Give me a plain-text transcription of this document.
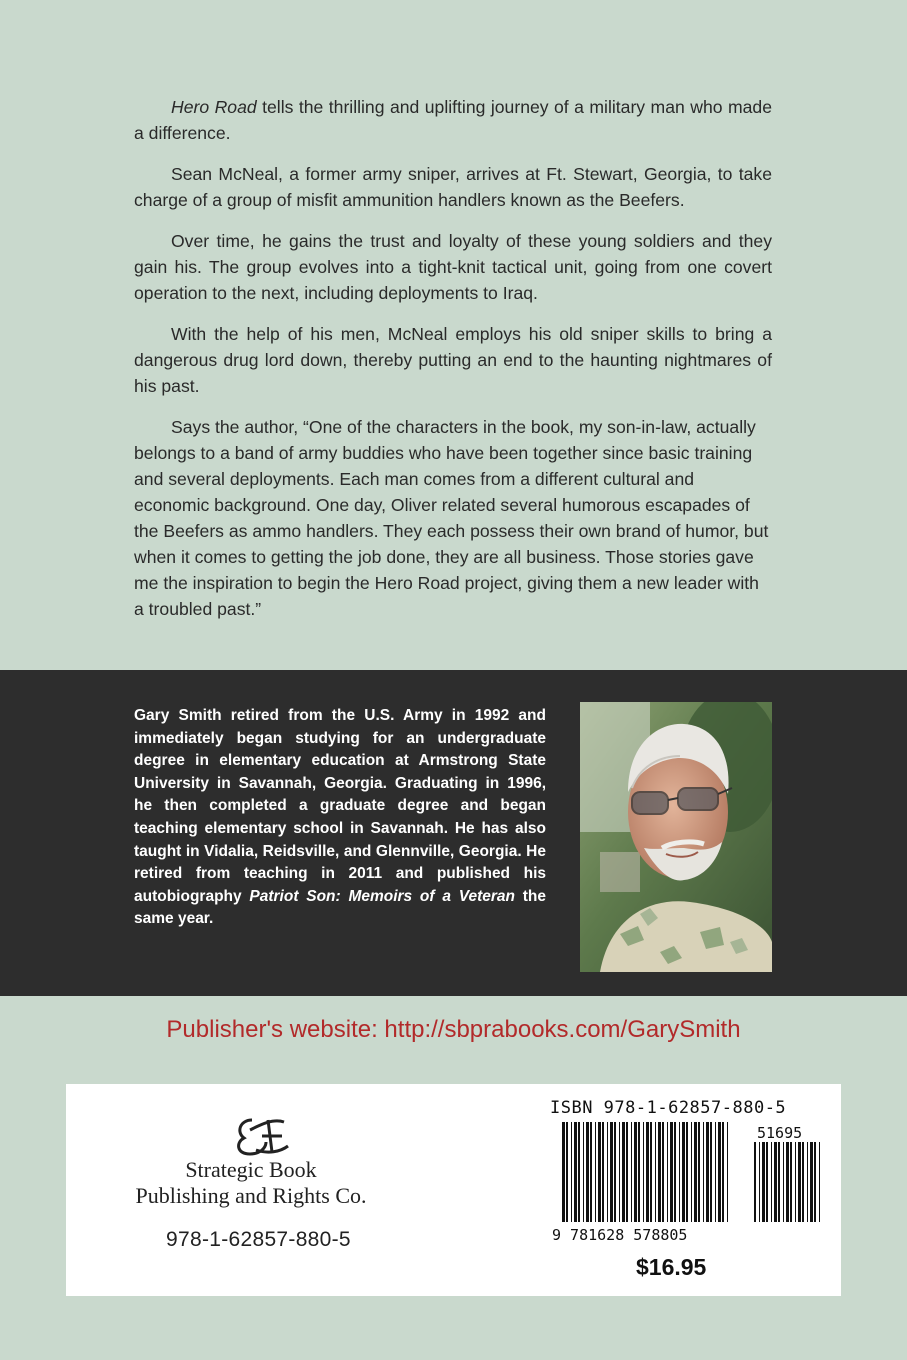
Hero Road tells the thrilling and uplifting journey of a military man who made a difference.

Sean McNeal, a former army sniper, arrives at Ft. Stewart, Georgia, to take charge of a group of misfit ammunition handlers known as the Beefers.

Over time, he gains the trust and loyalty of these young soldiers and they gain his. The group evolves into a tight-knit tactical unit, going from one covert operation to the next, including deployments to Iraq.

With the help of his men, McNeal employs his old sniper skills to bring a dangerous drug lord down, thereby putting an end to the haunting nightmares of his past.

Says the author, “One of the characters in the book, my son-in-law, actually belongs to a band of army buddies who have been together since basic training and several deployments. Each man comes from a different cultural and economic background. One day, Oliver related several humorous escapades of the Beefers as ammo handlers. They each possess their own brand of humor, but when it comes to getting the job done, they are all business. Those stories gave me the inspiration to begin the Hero Road project, giving them a new leader with a troubled past.”

Gary Smith retired from the U.S. Army in 1992 and immediately began studying for an undergraduate degree in elementary education at Armstrong State University in Savannah, Georgia. Graduating in 1996, he then completed a graduate degree and began teaching elementary school in Savannah. He has also taught in Vidalia, Reidsville, and Glennville, Georgia. He retired from teaching in 2011 and published his autobiography Patriot Son: Memoirs of a Veteran the same year.
Publisher's website: http://sbprabooks.com/GarySmith
Strategic Book
Publishing and Rights Co.
978-1-62857-880-5
ISBN 978-1-62857-880-5
51695
9 781628 578805
$16.95
